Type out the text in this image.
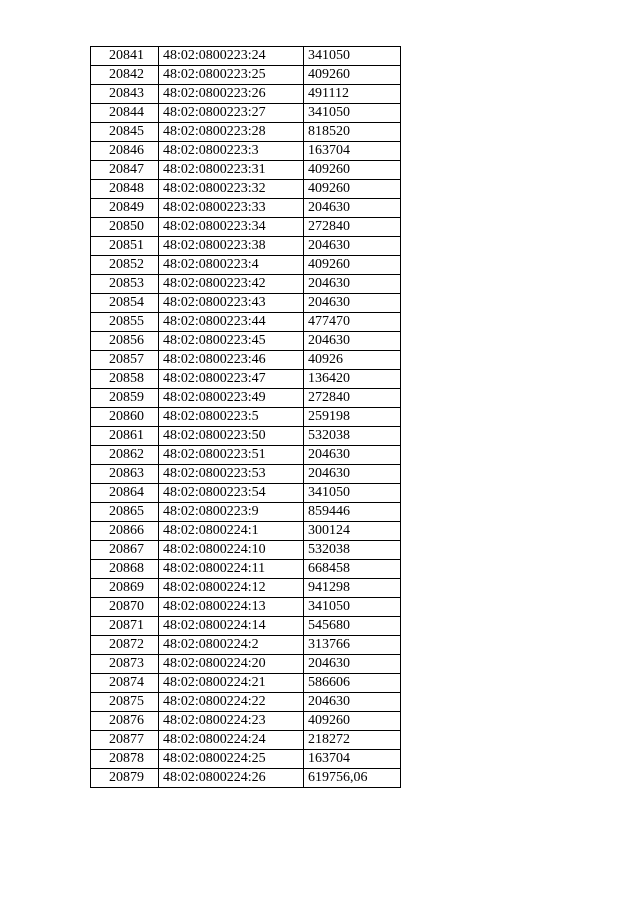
20841	48:02:0800223:24	341050
20842	48:02:0800223:25	409260
20843	48:02:0800223:26	491112
20844	48:02:0800223:27	341050
20845	48:02:0800223:28	818520
20846	48:02:0800223:3	163704
20847	48:02:0800223:31	409260
20848	48:02:0800223:32	409260
20849	48:02:0800223:33	204630
20850	48:02:0800223:34	272840
20851	48:02:0800223:38	204630
20852	48:02:0800223:4	409260
20853	48:02:0800223:42	204630
20854	48:02:0800223:43	204630
20855	48:02:0800223:44	477470
20856	48:02:0800223:45	204630
20857	48:02:0800223:46	40926
20858	48:02:0800223:47	136420
20859	48:02:0800223:49	272840
20860	48:02:0800223:5	259198
20861	48:02:0800223:50	532038
20862	48:02:0800223:51	204630
20863	48:02:0800223:53	204630
20864	48:02:0800223:54	341050
20865	48:02:0800223:9	859446
20866	48:02:0800224:1	300124
20867	48:02:0800224:10	532038
20868	48:02:0800224:11	668458
20869	48:02:0800224:12	941298
20870	48:02:0800224:13	341050
20871	48:02:0800224:14	545680
20872	48:02:0800224:2	313766
20873	48:02:0800224:20	204630
20874	48:02:0800224:21	586606
20875	48:02:0800224:22	204630
20876	48:02:0800224:23	409260
20877	48:02:0800224:24	218272
20878	48:02:0800224:25	163704
20879	48:02:0800224:26	619756,06
